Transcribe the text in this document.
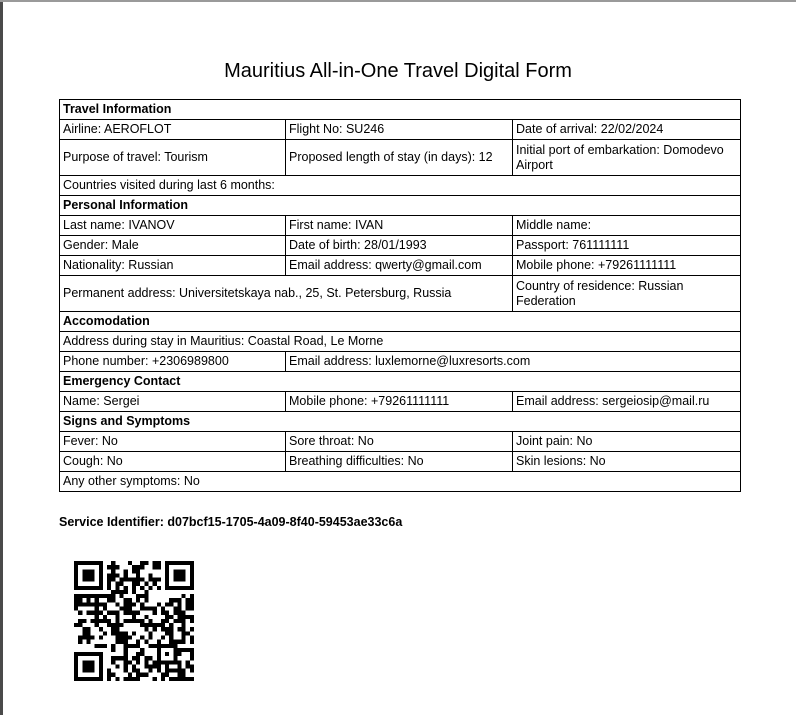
Mauritius All-in-One Travel Digital Form
Travel Information		
Airline: AEROFLOT	Flight No: SU246	Date of arrival: 22/02/2024
Purpose of travel: Tourism	Proposed length of stay (in days): 12	Initial port of embarkation: Domodevo Airport
Countries visited during last 6 months:		
Personal Information		
Last name: IVANOV	First name: IVAN	Middle name:
Gender: Male	Date of birth: 28/01/1993	Passport: 761111111
Nationality: Russian	Email address: qwerty@gmail.com	Mobile phone: +79261111111
Permanent address: Universitetskaya nab., 25, St. Petersburg, Russia		Country of residence: Russian Federation
Accomodation		
Address during stay in Mauritius: Coastal Road, Le Morne		
Phone number: +2306989800	Email address: luxlemorne@luxresorts.com	
Emergency Contact		
Name: Sergei	Mobile phone: +79261111111	Email address: sergeiosip@mail.ru
Signs and Symptoms		
Fever: No	Sore throat: No	Joint pain: No
Cough: No	Breathing difficulties: No	Skin lesions: No
Any other symptoms: No		
Service Identifier: d07bcf15-1705-4a09-8f40-59453ae33c6a
